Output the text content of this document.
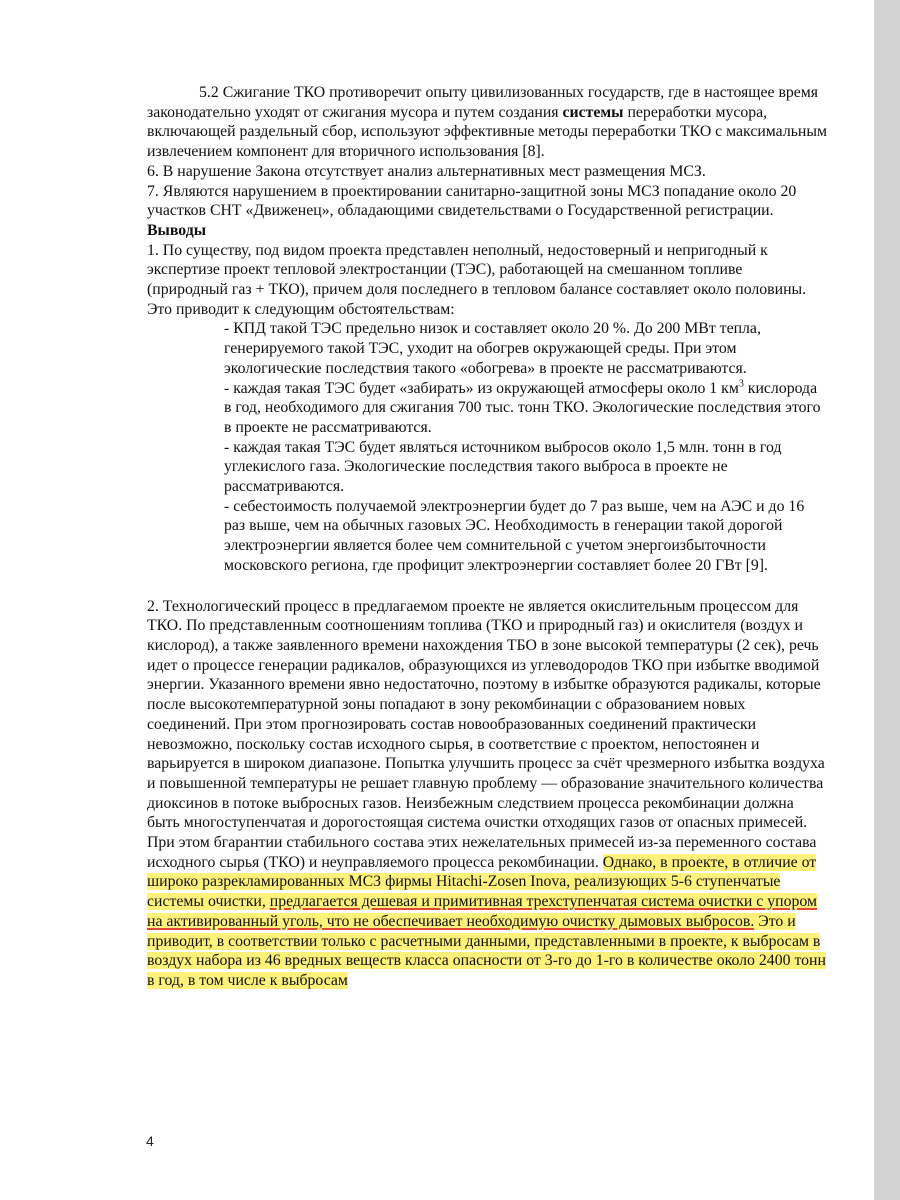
5.2 Сжигание ТКО противоречит опыту цивилизованных государств, где в настоящее время законодательно уходят от сжигания мусора и путем создания системы переработки мусора, включающей раздельный сбор, используют эффективные методы переработки ТКО с максимальным извлечением компонент для вторичного использования [8].

6. В нарушение Закона отсутствует анализ альтернативных мест размещения МСЗ.

7. Являются нарушением в проектировании санитарно-защитной зоны МСЗ попадание около 20 участков СНТ «Движенец», обладающими свидетельствами о Государственной регистрации.

Выводы

1. По существу, под видом проекта представлен неполный, недостоверный и непригодный к экспертизе проект тепловой электростанции (ТЭС), работающей на смешанном топливе (природный газ + ТКО), причем доля последнего в тепловом балансе составляет около половины. Это приводит к следующим обстоятельствам:

- КПД такой ТЭС предельно низок и составляет около 20 %. До 200 МВт тепла, генерируемого такой ТЭС, уходит на обогрев окружающей среды. При этом экологические последствия такого «обогрева» в проекте не рассматриваются.

- каждая такая ТЭС будет «забирать» из окружающей атмосферы около 1 $км^3$ кислорода в год, необходимого для сжигания 700 тыс. тонн ТКО. Экологические последствия этого в проекте не рассматриваются.

- каждая такая ТЭС будет являться источником выбросов около 1,5 млн. тонн в год углекислого газа. Экологические последствия такого выброса в проекте не рассматриваются.

- себестоимость получаемой электроэнергии будет до 7 раз выше, чем на АЭС и до 16 раз выше, чем на обычных газовых ЭС. Необходимость в генерации такой дорогой электроэнергии является более чем сомнительной с учетом энергоизбыточности московского региона, где профицит электроэнергии составляет более 20 ГВт [9].

2. Технологический процесс в предлагаемом проекте не является окислительным процессом для ТКО. По представленным соотношениям топлива (ТКО и природный газ) и окислителя (воздух и кислород), а также заявленного времени нахождения ТБО в зоне высокой температуры (2 сек), речь идет о процессе генерации радикалов, образующихся из углеводородов ТКО при избытке вводимой энергии. Указанного времени явно недостаточно, поэтому в избытке образуются радикалы, которые после высокотемпературной зоны попадают в зону рекомбинации с образованием новых соединений. При этом прогнозировать состав новообразованных соединений практически невозможно, поскольку состав исходного сырья, в соответствие с проектом, непостоянен и варьируется в широком диапазоне. Попытка улучшить процесс за счёт чрезмерного избытка воздуха и повышенной температуры не решает главную проблему — образование значительного количества диоксинов в потоке выбросных газов. Неизбежным следствием процесса рекомбинации должна быть многоступенчатая и дорогостоящая система очистки отходящих газов от опасных примесей. При этом бгарантии стабильного состава этих нежелательных примесей из-за переменного состава исходного сырья (ТКО) и неуправляемого процесса рекомбинации. Однако, в проекте, в отличие от широко разрекламированных МСЗ фирмы Hitachi-Zosen Inova, реализующих 5-6 ступенчатые системы очистки, предлагается дешевая и примитивная трехступенчатая система очистки с упором на активированный уголь, что не обеспечивает необходимую очистку дымовых выбросов. Это и приводит, в соответствии только с расчетными данными, представленными в проекте, к выбросам в воздух набора из 46 вредных веществ класса опасности от 3-го до 1-го в количестве около 2400 тонн в год, в том числе к выбросам

4
